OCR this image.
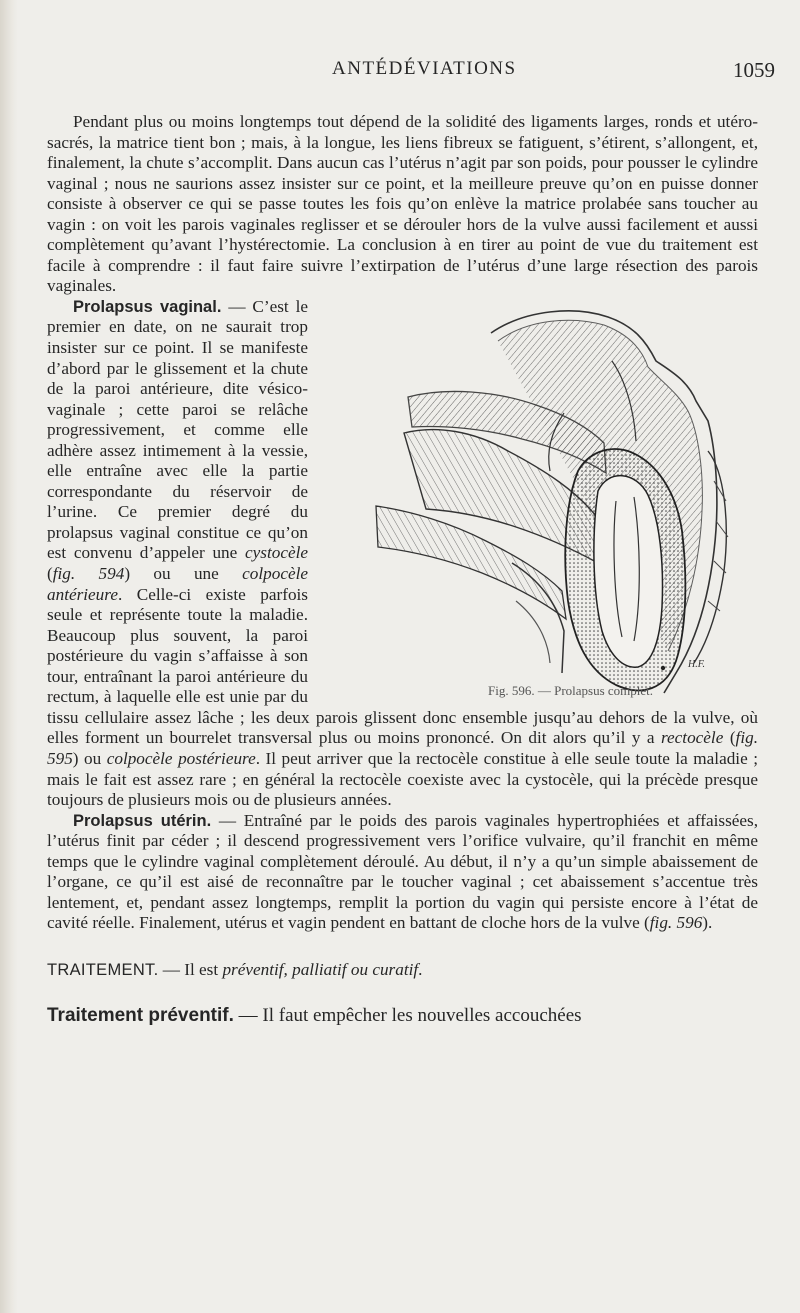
ANTÉDÉVIATIONS	1059

Pendant plus ou moins longtemps tout dépend de la solidité des ligaments larges, ronds et utéro-sacrés, la matrice tient bon ; mais, à la longue, les liens fibreux se fatiguent, s’étirent, s’allongent, et, finalement, la chute s’accomplit. Dans aucun cas l’utérus n’agit par son poids, pour pousser le cylindre vaginal ; nous ne saurions assez insister sur ce point, et la meilleure preuve qu’on en puisse donner consiste à observer ce qui se passe toutes les fois qu’on enlève la matrice prolabée sans toucher au vagin : on voit les parois vaginales reglisser et se dérouler hors de la vulve aussi facilement et aussi complètement qu’avant l’hystérectomie. La conclusion à en tirer au point de vue du traitement est facile à comprendre : il faut faire suivre l’extirpation de l’utérus d’une large résection des parois vaginales.

H.F.
Fig. 596. — Prolapsus complet.

Prolapsus vaginal. — C’est le premier en date, on ne saurait trop insister sur ce point. Il se manifeste d’abord par le glissement et la chute de la paroi antérieure, dite vésico-vaginale ; cette paroi se relâche progressivement, et comme elle adhère assez intimement à la vessie, elle entraîne avec elle la partie correspondante du réservoir de l’urine. Ce premier degré du prolapsus vaginal constitue ce qu’on est convenu d’appeler une cystocèle (fig. 594) ou une colpocèle antérieure. Celle-ci existe parfois seule et représente toute la maladie. Beaucoup plus souvent, la paroi postérieure du vagin s’affaisse à son tour, entraînant la paroi antérieure du rectum, à laquelle elle est unie par du tissu cellulaire assez lâche ; les deux parois glissent donc ensemble jusqu’au dehors de la vulve, où elles forment un bourrelet transversal plus ou moins prononcé. On dit alors qu’il y a rectocèle (fig. 595) ou colpocèle postérieure. Il peut arriver que la rectocèle constitue à elle seule toute la maladie ; mais le fait est assez rare ; en général la rectocèle coexiste avec la cystocèle, qui la précède presque toujours de plusieurs mois ou de plusieurs années.

Prolapsus utérin. — Entraîné par le poids des parois vaginales hypertrophiées et affaissées, l’utérus finit par céder ; il descend progressivement vers l’orifice vulvaire, qu’il franchit en même temps que le cylindre vaginal complètement déroulé. Au début, il n’y a qu’un simple abaissement de l’organe, ce qu’il est aisé de reconnaître par le toucher vaginal ; cet abaissement s’accentue très lentement, et, pendant assez longtemps, remplit la portion du vagin qui persiste encore à l’état de cavité réelle. Finalement, utérus et vagin pendent en battant de cloche hors de la vulve (fig. 596).

TRAITEMENT. — Il est préventif, palliatif ou curatif.

Traitement préventif. — Il faut empêcher les nouvelles accouchées
